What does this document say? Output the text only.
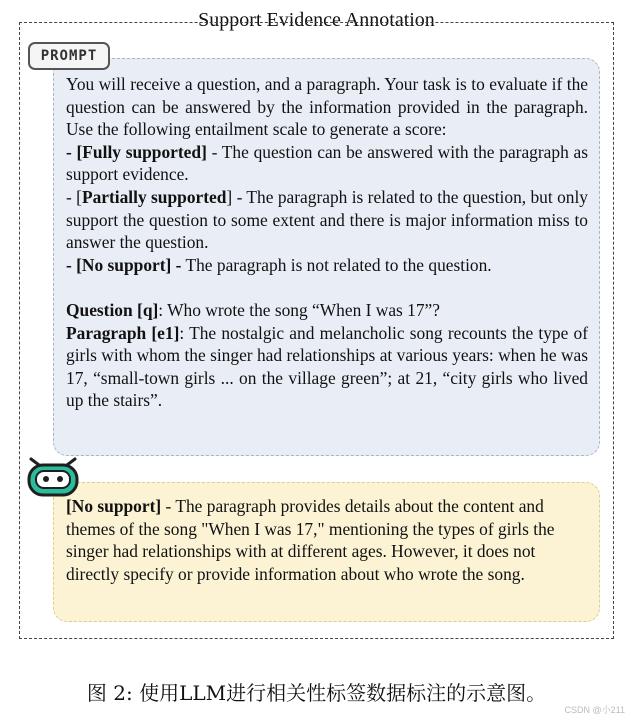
Support Evidence Annotation

You will receive a question, and a paragraph. Your task is to evaluate if the question can be answered by the information provided in the paragraph. Use the following entailment scale to generate a score:

- [Fully supported] - The question can be answered with the paragraph as support evidence.

- [Partially supported] - The paragraph is related to the question, but only support the question to some extent and there is major information miss to answer the question.

- [No support] - The paragraph is not related to the question.

Question [q]: Who wrote the song “When I was 17”?

Paragraph [e1]: The nostalgic and melancholic song recounts the type of girls with whom the singer had relationships at various years: when he was 17, “small-town girls ... on the village green”; at 21, “city girls who lived up the stairs”.

PROMPT

[No support] - The paragraph provides details about the content and themes of the song "When I was 17," mentioning the types of girls the singer had relationships with at different ages. However, it does not directly specify or provide information about who wrote the song.

图 2: 使用LLM进行相关性标签数据标注的示意图。
CSDN @小211
